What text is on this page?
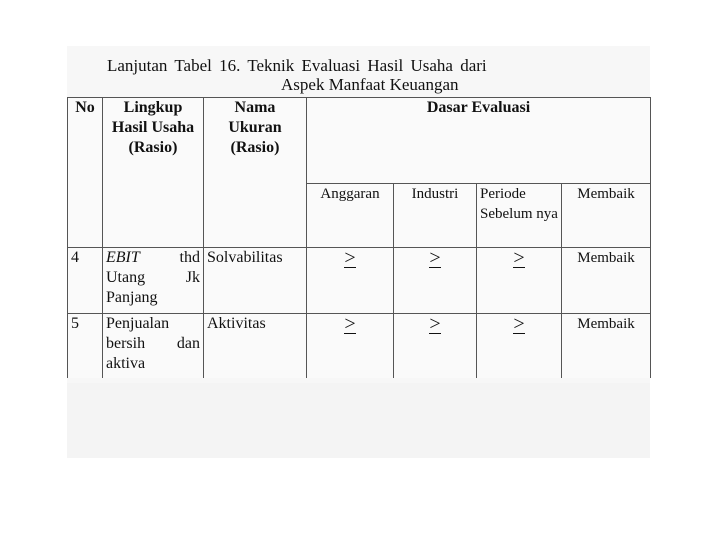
Lanjutan Tabel 16. Teknik Evaluasi Hasil Usaha dari
Aspek Manfaat Keuangan
No	Lingkup Hasil Usaha (Rasio)	Nama Ukuran (Rasio)	Dasar Evaluasi			
			Anggaran	Industri	Periode Sebelum nya	Membaik
4	EBIT thd Utang Jk Panjang	Solvabilitas	>	>	>	Membaik
5	Penjualan bersih dan aktiva	Aktivitas	>	>	>	Membaik
